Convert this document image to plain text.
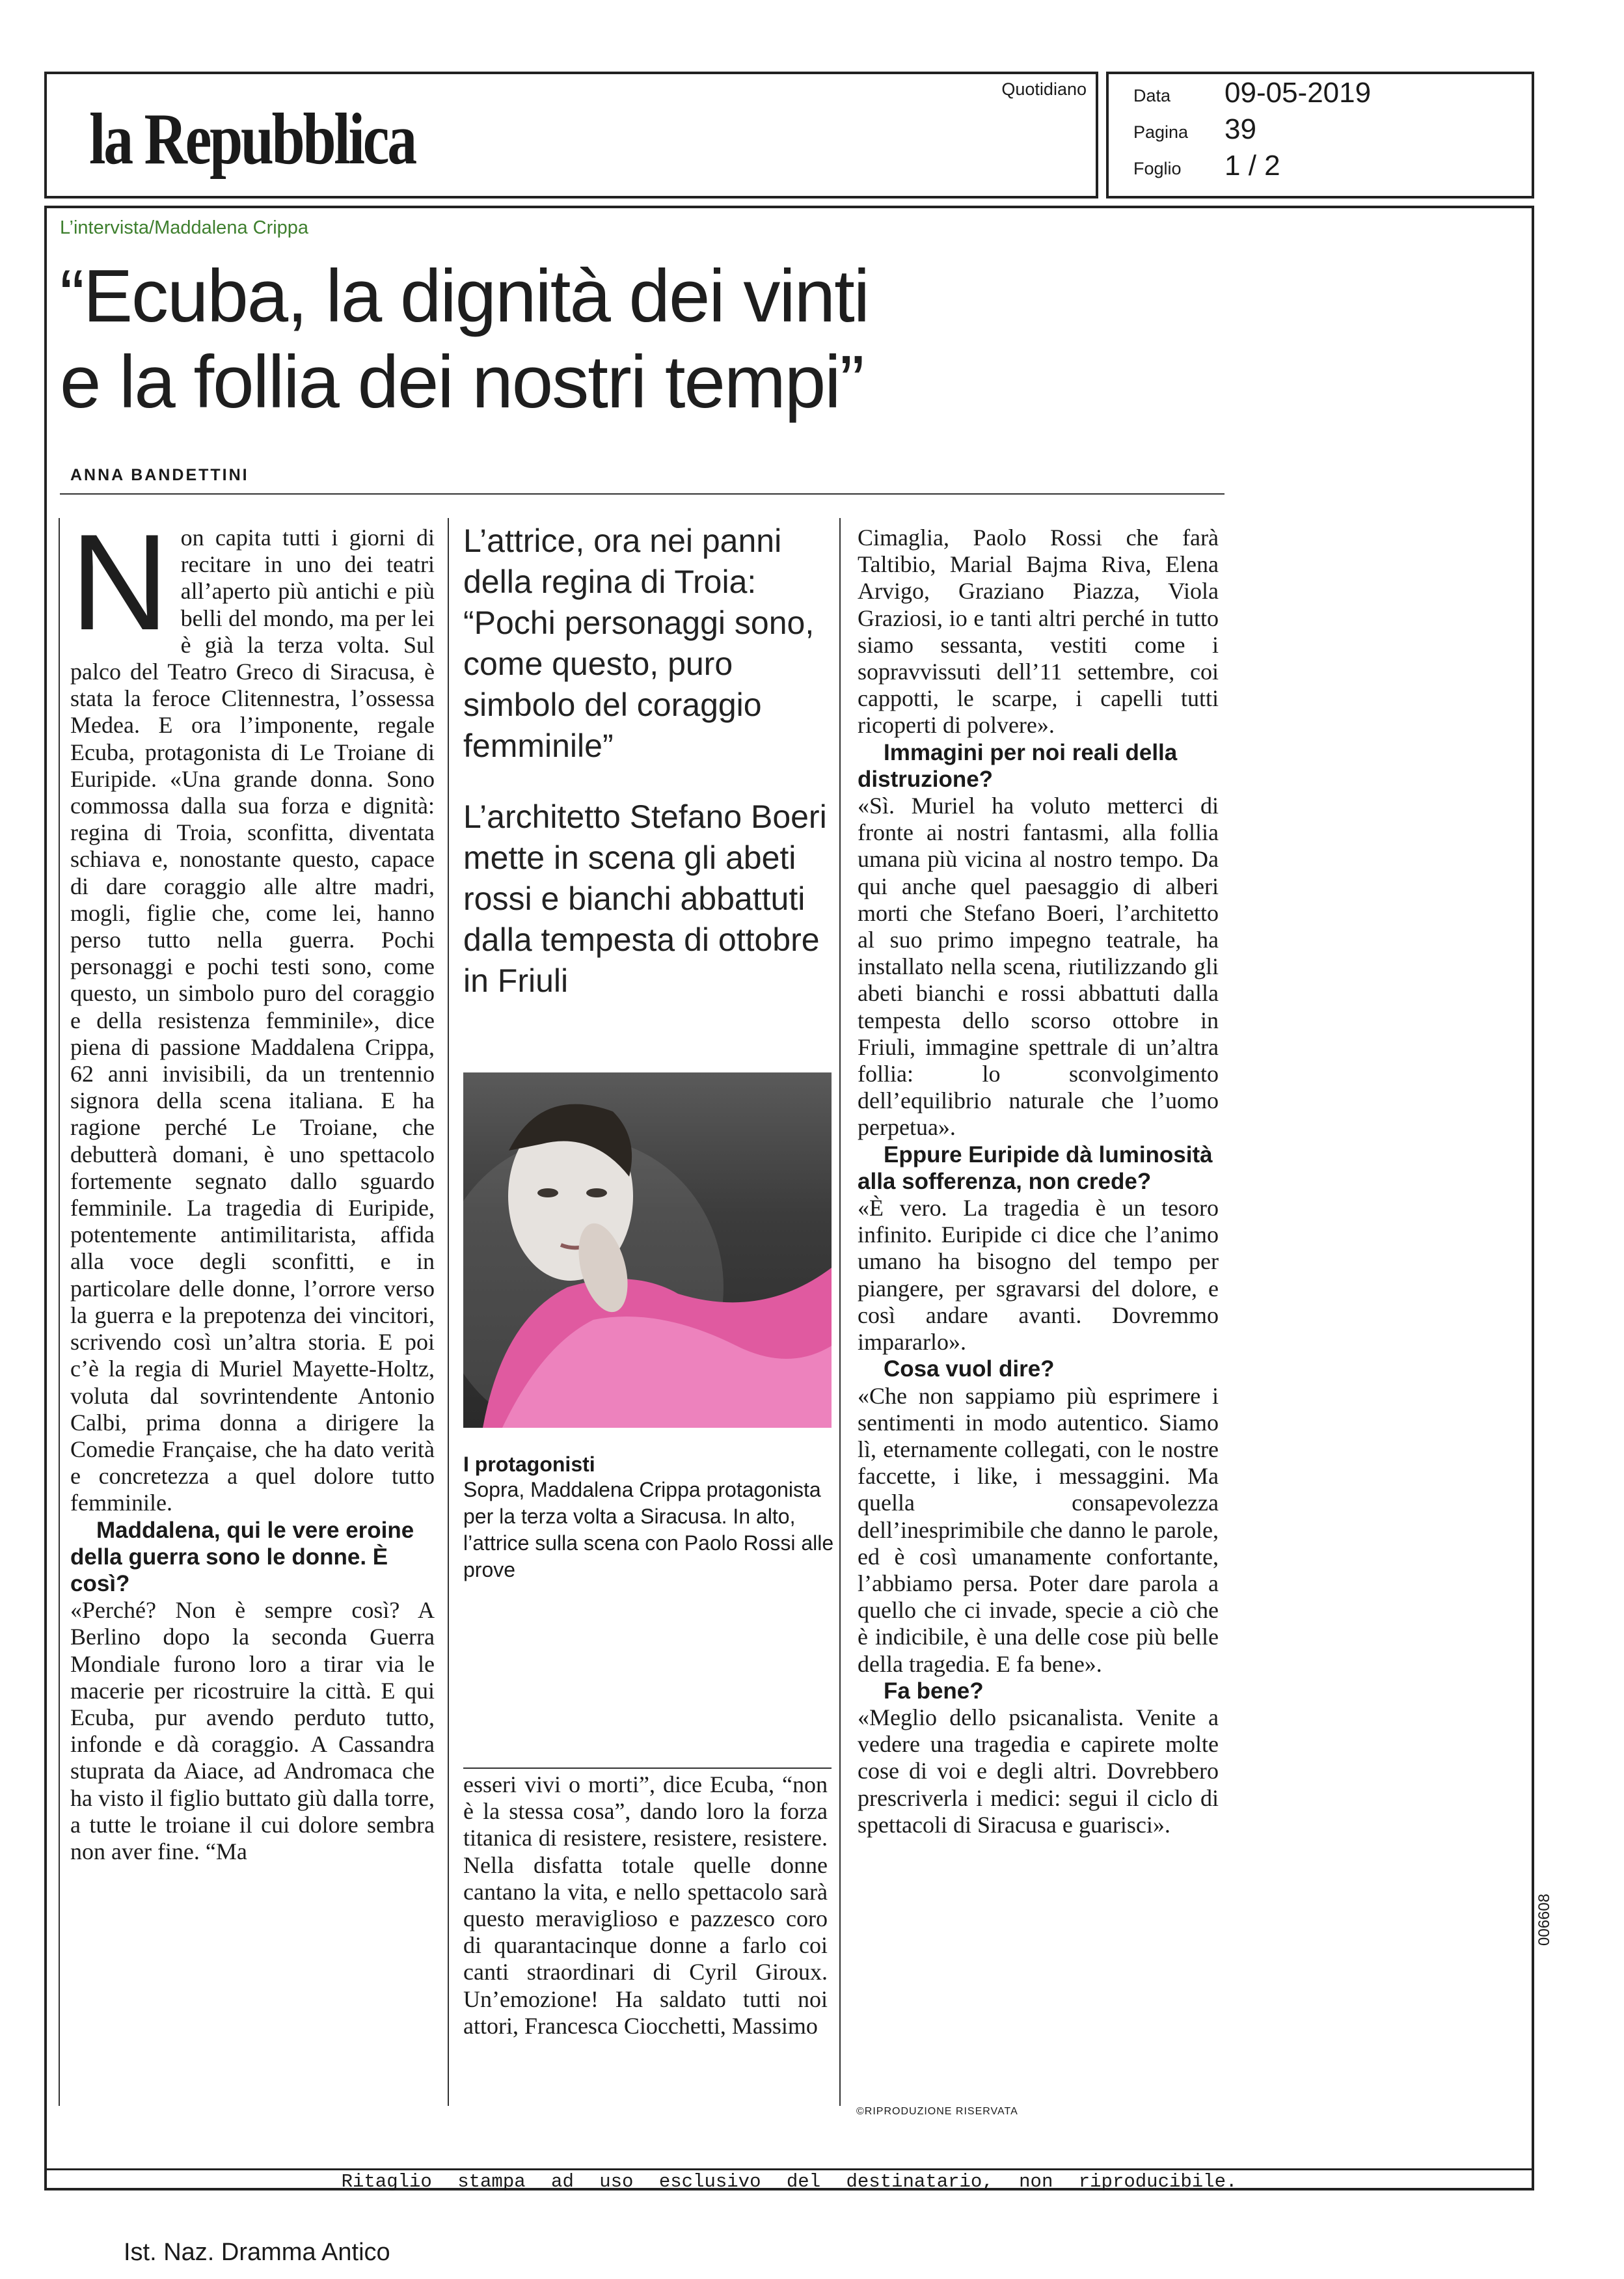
la Repubblica
Quotidiano	Data 09-05-2019
Pagina 39
Foglio 1 / 2
L’intervista/Maddalena Crippa
“Ecuba, la dignità dei vinti
e la follia dei nostri tempi”
ANNA BANDETTINI
N on capita tutti i giorni di recitare in uno dei teatri all’aperto più antichi e più belli del mondo, ma per lei è già la terza volta. Sul palco del Teatro Greco di Siracusa, è stata la feroce Clitennestra, l’ossessa Medea. E ora l’imponente, regale Ecuba, protagonista di Le Troiane di Euripide. «Una grande donna. Sono commossa dalla sua forza e dignità: regina di Troia, sconfitta, diventata schiava e, nonostante questo, capace di dare coraggio alle altre madri, mogli, figlie che, come lei, hanno perso tutto nella guerra. Pochi personaggi e pochi testi sono, come questo, un simbolo puro del coraggio e della resistenza femminile», dice piena di passione Maddalena Crippa, 62 anni invisibili, da un trentennio signora della scena italiana. E ha ragione perché Le Troiane, che debutterà domani, è uno spettacolo fortemente segnato dallo sguardo femminile. La tragedia di Euripide, potentemente antimilitarista, affida alla voce degli sconfitti, e in particolare delle donne, l’orrore verso la guerra e la prepotenza dei vincitori, scrivendo così un’altra storia. E poi c’è la regia di Muriel Mayette-Holtz, voluta dal sovrintendente Antonio Calbi, prima donna a dirigere la Comedie Française, che ha dato verità e concretezza a quel dolore tutto femminile.

Maddalena, qui le vere eroine della guerra sono le donne. È così?

«Perché? Non è sempre così? A Berlino dopo la seconda Guerra Mondiale furono loro a tirar via le macerie per ricostruire la città. E qui Ecuba, pur avendo perduto tutto, infonde e dà coraggio. A Cassandra stuprata da Aiace, ad Andromaca che ha visto il figlio buttato giù dalla torre, a tutte le troiane il cui dolore sembra non aver fine. “Ma

L’attrice, ora nei panni della regina di Troia: “Pochi personaggi sono, come questo, puro simbolo del coraggio femminile”
L’architetto Stefano Boeri mette in scena gli abeti rossi e bianchi abbattuti dalla tempesta di ottobre in Friuli
I protagonisti
Sopra, Maddalena Crippa protagonista per la terza volta a Siracusa. In alto, l’attrice sulla scena con Paolo Rossi alle prove

esseri vivi o morti”, dice Ecuba, “non è la stessa cosa”, dando loro la forza titanica di resistere, resistere, resistere. Nella disfatta totale quelle donne cantano la vita, e nello spettacolo sarà questo meraviglioso e pazzesco coro di quarantacinque donne a farlo coi canti straordinari di Cyril Giroux. Un’emozione! Ha saldato tutti noi attori, Francesca Ciocchetti, Massimo

Cimaglia, Paolo Rossi che farà Taltibio, Marial Bajma Riva, Elena Arvigo, Graziano Piazza, Viola Graziosi, io e tanti altri perché in tutto siamo sessanta, vestiti come i sopravvissuti dell’11 settembre, coi cappotti, le scarpe, i capelli tutti ricoperti di polvere».

Immagini per noi reali della distruzione?

«Sì. Muriel ha voluto metterci di fronte ai nostri fantasmi, alla follia umana più vicina al nostro tempo. Da qui anche quel paesaggio di alberi morti che Stefano Boeri, l’architetto al suo primo impegno teatrale, ha installato nella scena, riutilizzando gli abeti bianchi e rossi abbattuti dalla tempesta dello scorso ottobre in Friuli, immagine spettrale di un’altra follia: lo sconvolgimento dell’equilibrio naturale che l’uomo perpetua».

Eppure Euripide dà luminosità alla sofferenza, non crede?

«È vero. La tragedia è un tesoro infinito. Euripide ci dice che l’animo umano ha bisogno del tempo per piangere, per sgravarsi del dolore, e così andare avanti. Dovremmo impararlo».

Cosa vuol dire?

«Che non sappiamo più esprimere i sentimenti in modo autentico. Siamo lì, eternamente collegati, con le nostre faccette, i like, i messaggini. Ma quella consapevolezza dell’inesprimibile che danno le parole, ed è così umanamente confortante, l’abbiamo persa. Poter dare parola a quello che ci invade, specie a ciò che è indicibile, è una delle cose più belle della tragedia. E fa bene».

Fa bene?

«Meglio dello psicanalista. Venite a vedere una tragedia e capirete molte cose di voi e degli altri. Dovrebbero prescriverla i medici: segui il ciclo di spettacoli di Siracusa e guarisci».

©RIPRODUZIONE RISERVATA
Ritaglio stampa ad uso esclusivo del destinatario, non riproducibile.
006608
Ist. Naz. Dramma Antico
